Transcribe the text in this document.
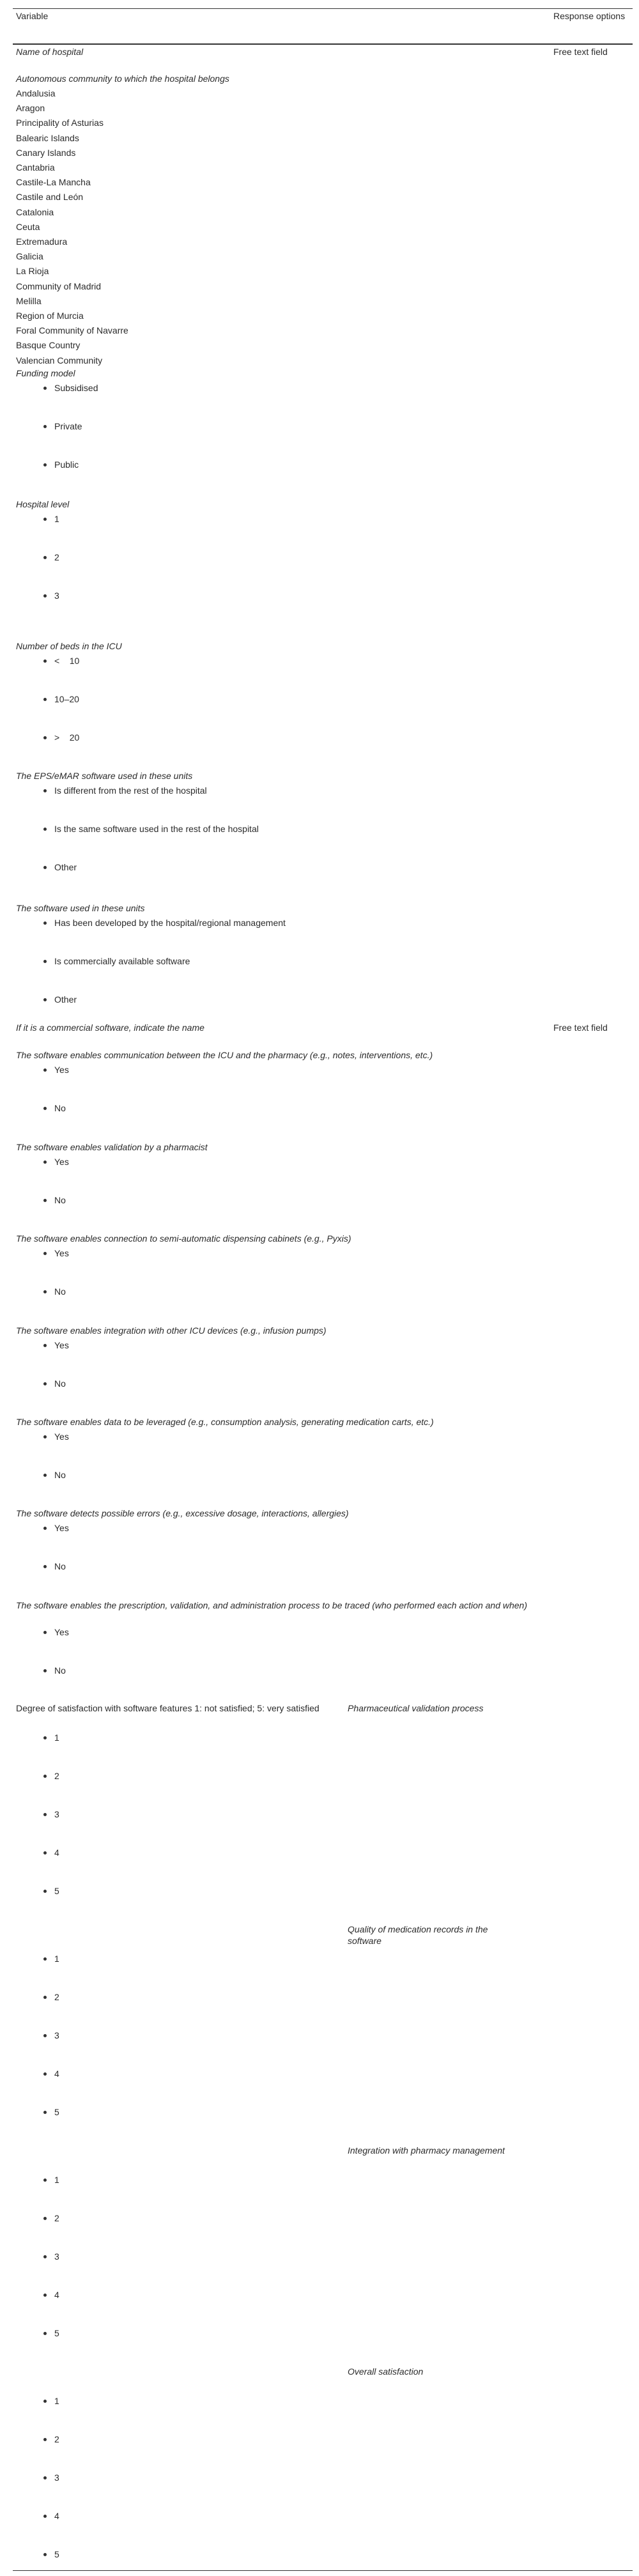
Variable	Response options
Name of hospital	Free text field
Autonomous community to which the hospital belongs
Andalusia
Aragon
Principality of Asturias
Balearic Islands
Canary Islands
Cantabria
Castile-La Mancha
Castile and León
Catalonia
Ceuta
Extremadura
Galicia
La Rioja
Community of Madrid
Melilla
Region of Murcia
Foral Community of Navarre
Basque Country
Valencian Community
Funding model
Subsidised
Private
Public
Hospital level
1
2
3
Number of beds in the ICU
<    10
10–20
>    20
The EPS/eMAR software used in these units
Is different from the rest of the hospital
Is the same software used in the rest of the hospital
Other
The software used in these units
Has been developed by the hospital/regional management
Is commercially available software
Other
If it is a commercial software, indicate the name	Free text field
The software enables communication between the ICU and the pharmacy (e.g., notes, interventions, etc.)
Yes
No
The software enables validation by a pharmacist
Yes
No
The software enables connection to semi-automatic dispensing cabinets (e.g., Pyxis)
Yes
No
The software enables integration with other ICU devices (e.g., infusion pumps)
Yes
No
The software enables data to be leveraged (e.g., consumption analysis, generating medication carts, etc.)
Yes
No
The software detects possible errors (e.g., excessive dosage, interactions, allergies)
Yes
No
The software enables the prescription, validation, and administration process to be traced (who performed each action and when)
Yes
No
Degree of satisfaction with software features 1: not satisfied; 5: very satisfied	Pharmaceutical validation process
1
2
3
4
5
Quality of medication records in the software
1
2
3
4
5
Integration with pharmacy management
1
2
3
4
5
Overall satisfaction
1
2
3
4
5
